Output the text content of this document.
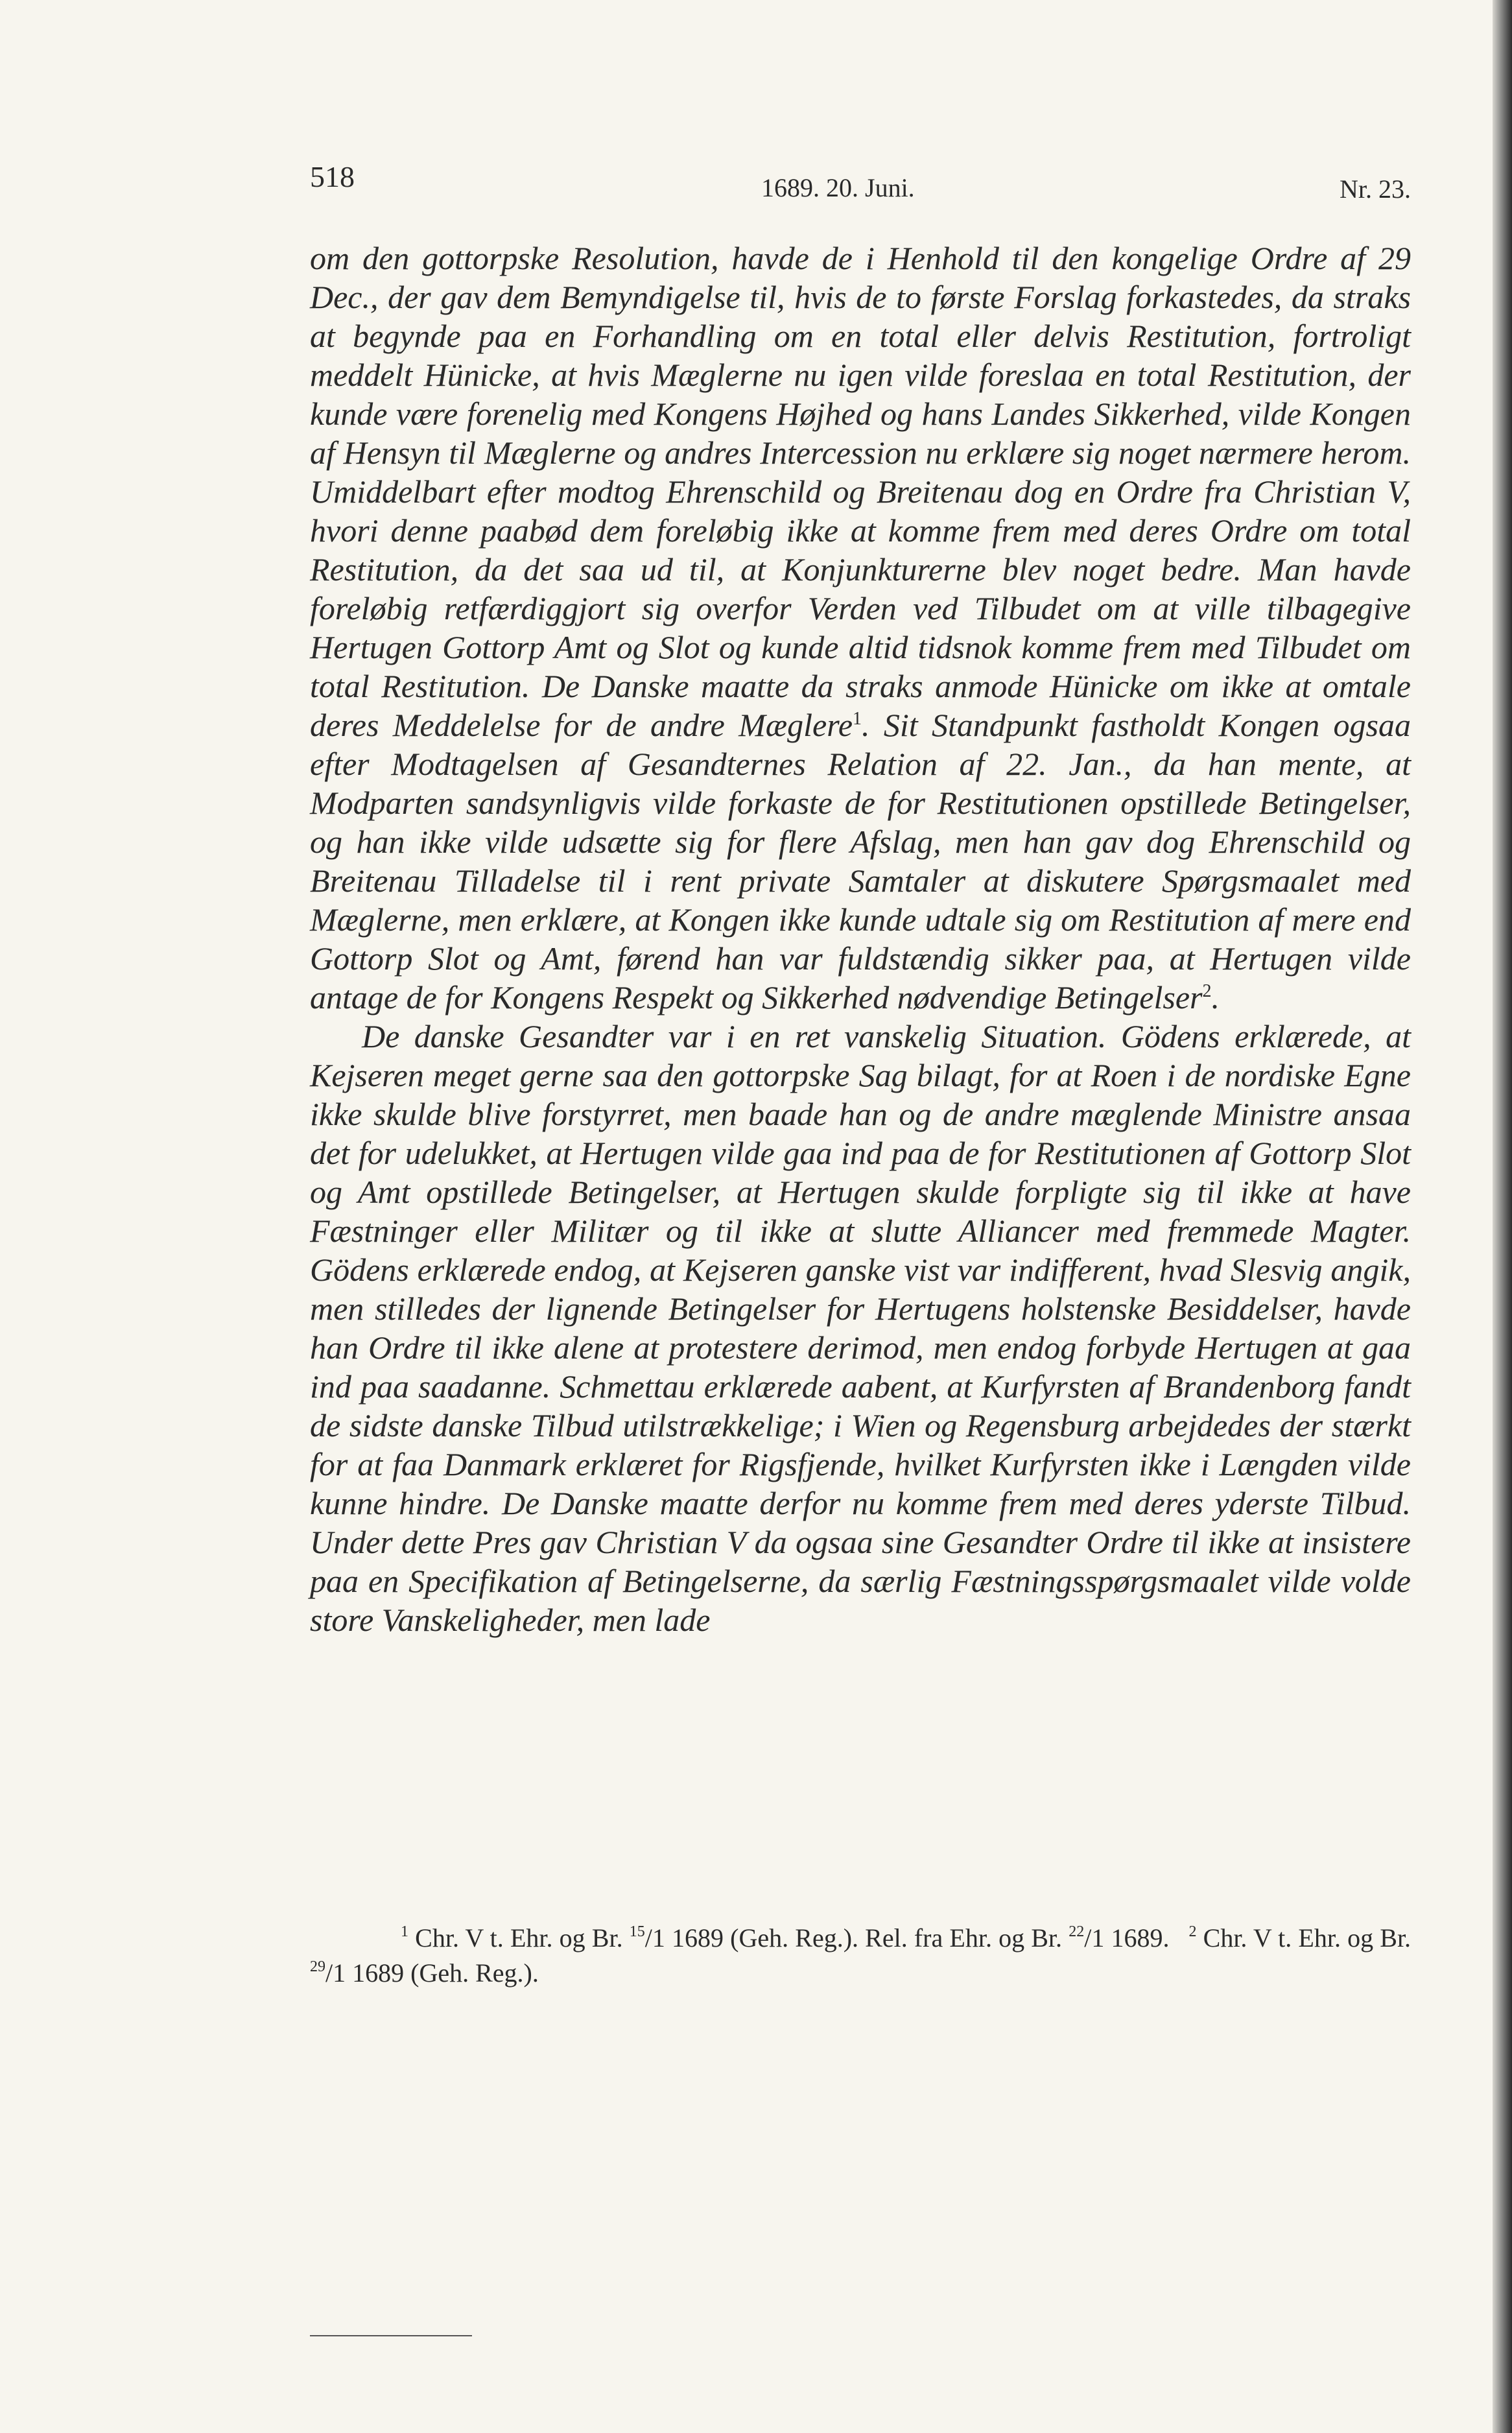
518	1689. 20. Juni.	Nr. 23.

om den gottorpske Resolution, havde de i Henhold til den kongelige Ordre af 29 Dec., der gav dem Bemyndigelse til, hvis de to første Forslag forkastedes, da straks at begynde paa en Forhandling om en total eller delvis Restitution, fortroligt meddelt Hünicke, at hvis Mæglerne nu igen vilde foreslaa en total Restitution, der kunde være forenelig med Kongens Højhed og hans Landes Sikkerhed, vilde Kongen af Hensyn til Mæglerne og andres Intercession nu erklære sig noget nærmere herom. Umiddelbart efter modtog Ehrenschild og Breitenau dog en Ordre fra Christian V, hvori denne paabød dem foreløbig ikke at komme frem med deres Ordre om total Restitution, da det saa ud til, at Konjunkturerne blev noget bedre. Man havde foreløbig retfærdiggjort sig overfor Verden ved Tilbudet om at ville tilbagegive Hertugen Gottorp Amt og Slot og kunde altid tidsnok komme frem med Tilbudet om total Restitution. De Danske maatte da straks anmode Hünicke om ikke at omtale deres Meddelelse for de andre Mæglere$^1$. Sit Standpunkt fastholdt Kongen ogsaa efter Modtagelsen af Gesandternes Relation af 22. Jan., da han mente, at Modparten sandsynligvis vilde forkaste de for Restitutionen opstillede Betingelser, og han ikke vilde udsætte sig for flere Afslag, men han gav dog Ehrenschild og Breitenau Tilladelse til i rent private Samtaler at diskutere Spørgsmaalet med Mæglerne, men erklære, at Kongen ikke kunde udtale sig om Restitution af mere end Gottorp Slot og Amt, førend han var fuldstændig sikker paa, at Hertugen vilde antage de for Kongens Respekt og Sikkerhed nødvendige Betingelser$^2$.

De danske Gesandter var i en ret vanskelig Situation. Gödens erklærede, at Kejseren meget gerne saa den gottorpske Sag bilagt, for at Roen i de nordiske Egne ikke skulde blive forstyrret, men baade han og de andre mæglende Ministre ansaa det for udelukket, at Hertugen vilde gaa ind paa de for Restitutionen af Gottorp Slot og Amt opstillede Betingelser, at Hertugen skulde forpligte sig til ikke at have Fæstninger eller Militær og til ikke at slutte Alliancer med fremmede Magter. Gödens erklærede endog, at Kejseren ganske vist var indifferent, hvad Slesvig angik, men stilledes der lignende Betingelser for Hertugens holstenske Besiddelser, havde han Ordre til ikke alene at protestere derimod, men endog forbyde Hertugen at gaa ind paa saadanne. Schmettau erklærede aabent, at Kurfyrsten af Brandenborg fandt de sidste danske Tilbud utilstrækkelige; i Wien og Regensburg arbejdedes der stærkt for at faa Danmark erklæret for Rigsfjende, hvilket Kurfyrsten ikke i Længden vilde kunne hindre. De Danske maatte derfor nu komme frem med deres yderste Tilbud. Under dette Pres gav Christian V da ogsaa sine Gesandter Ordre til ikke at insistere paa en Specifikation af Betingelserne, da særlig Fæstningsspørgsmaalet vilde volde store Vanskeligheder, men lade

$^1$ Chr. V t. Ehr. og Br. $^{15}$/1 1689 (Geh. Reg.). Rel. fra Ehr. og Br. $^{22}$/1 1689. $^2$ Chr. V t. Ehr. og Br. $^{29}$/1 1689 (Geh. Reg.).
